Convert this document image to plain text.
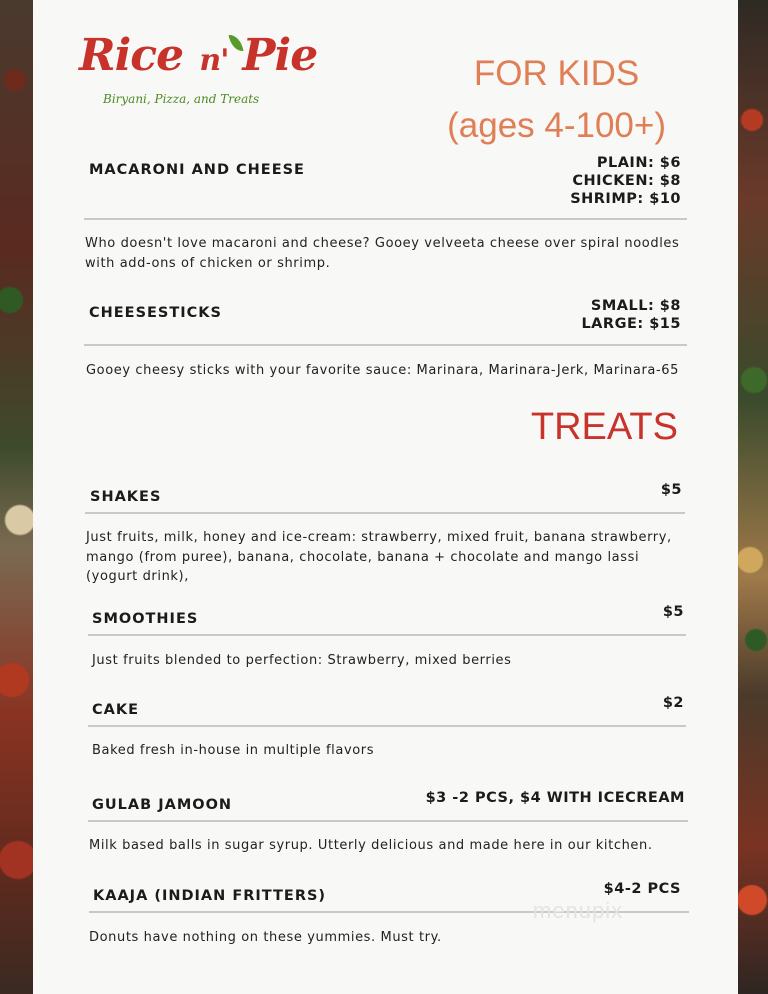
Rice n' Pie
Biryani, Pizza, and Treats
FOR KIDS
(ages 4-100+)
MACARONI AND CHEESE	PLAIN: $6
CHICKEN: $8
SHRIMP: $10
Who doesn't love macaroni and cheese? Gooey velveeta cheese over spiral noodles with add-ons of chicken or shrimp.
CHEESESTICKS	SMALL: $8
LARGE: $15
Gooey cheesy sticks with your favorite sauce: Marinara, Marinara-Jerk, Marinara-65
TREATS
SHAKES	$5
Just fruits, milk, honey and ice-cream: strawberry, mixed fruit, banana strawberry, mango (from puree), banana, chocolate, banana + chocolate and mango lassi (yogurt drink),
SMOOTHIES	$5
Just fruits blended to perfection: Strawberry, mixed berries
CAKE	$2
Baked fresh in-house in multiple flavors
GULAB JAMOON	$3 -2 PCS, $4 WITH ICECREAM
Milk based balls in sugar syrup. Utterly delicious and made here in our kitchen.
KAAJA (INDIAN FRITTERS)	$4-2 PCS
Donuts have nothing on these yummies. Must try.
menupix
